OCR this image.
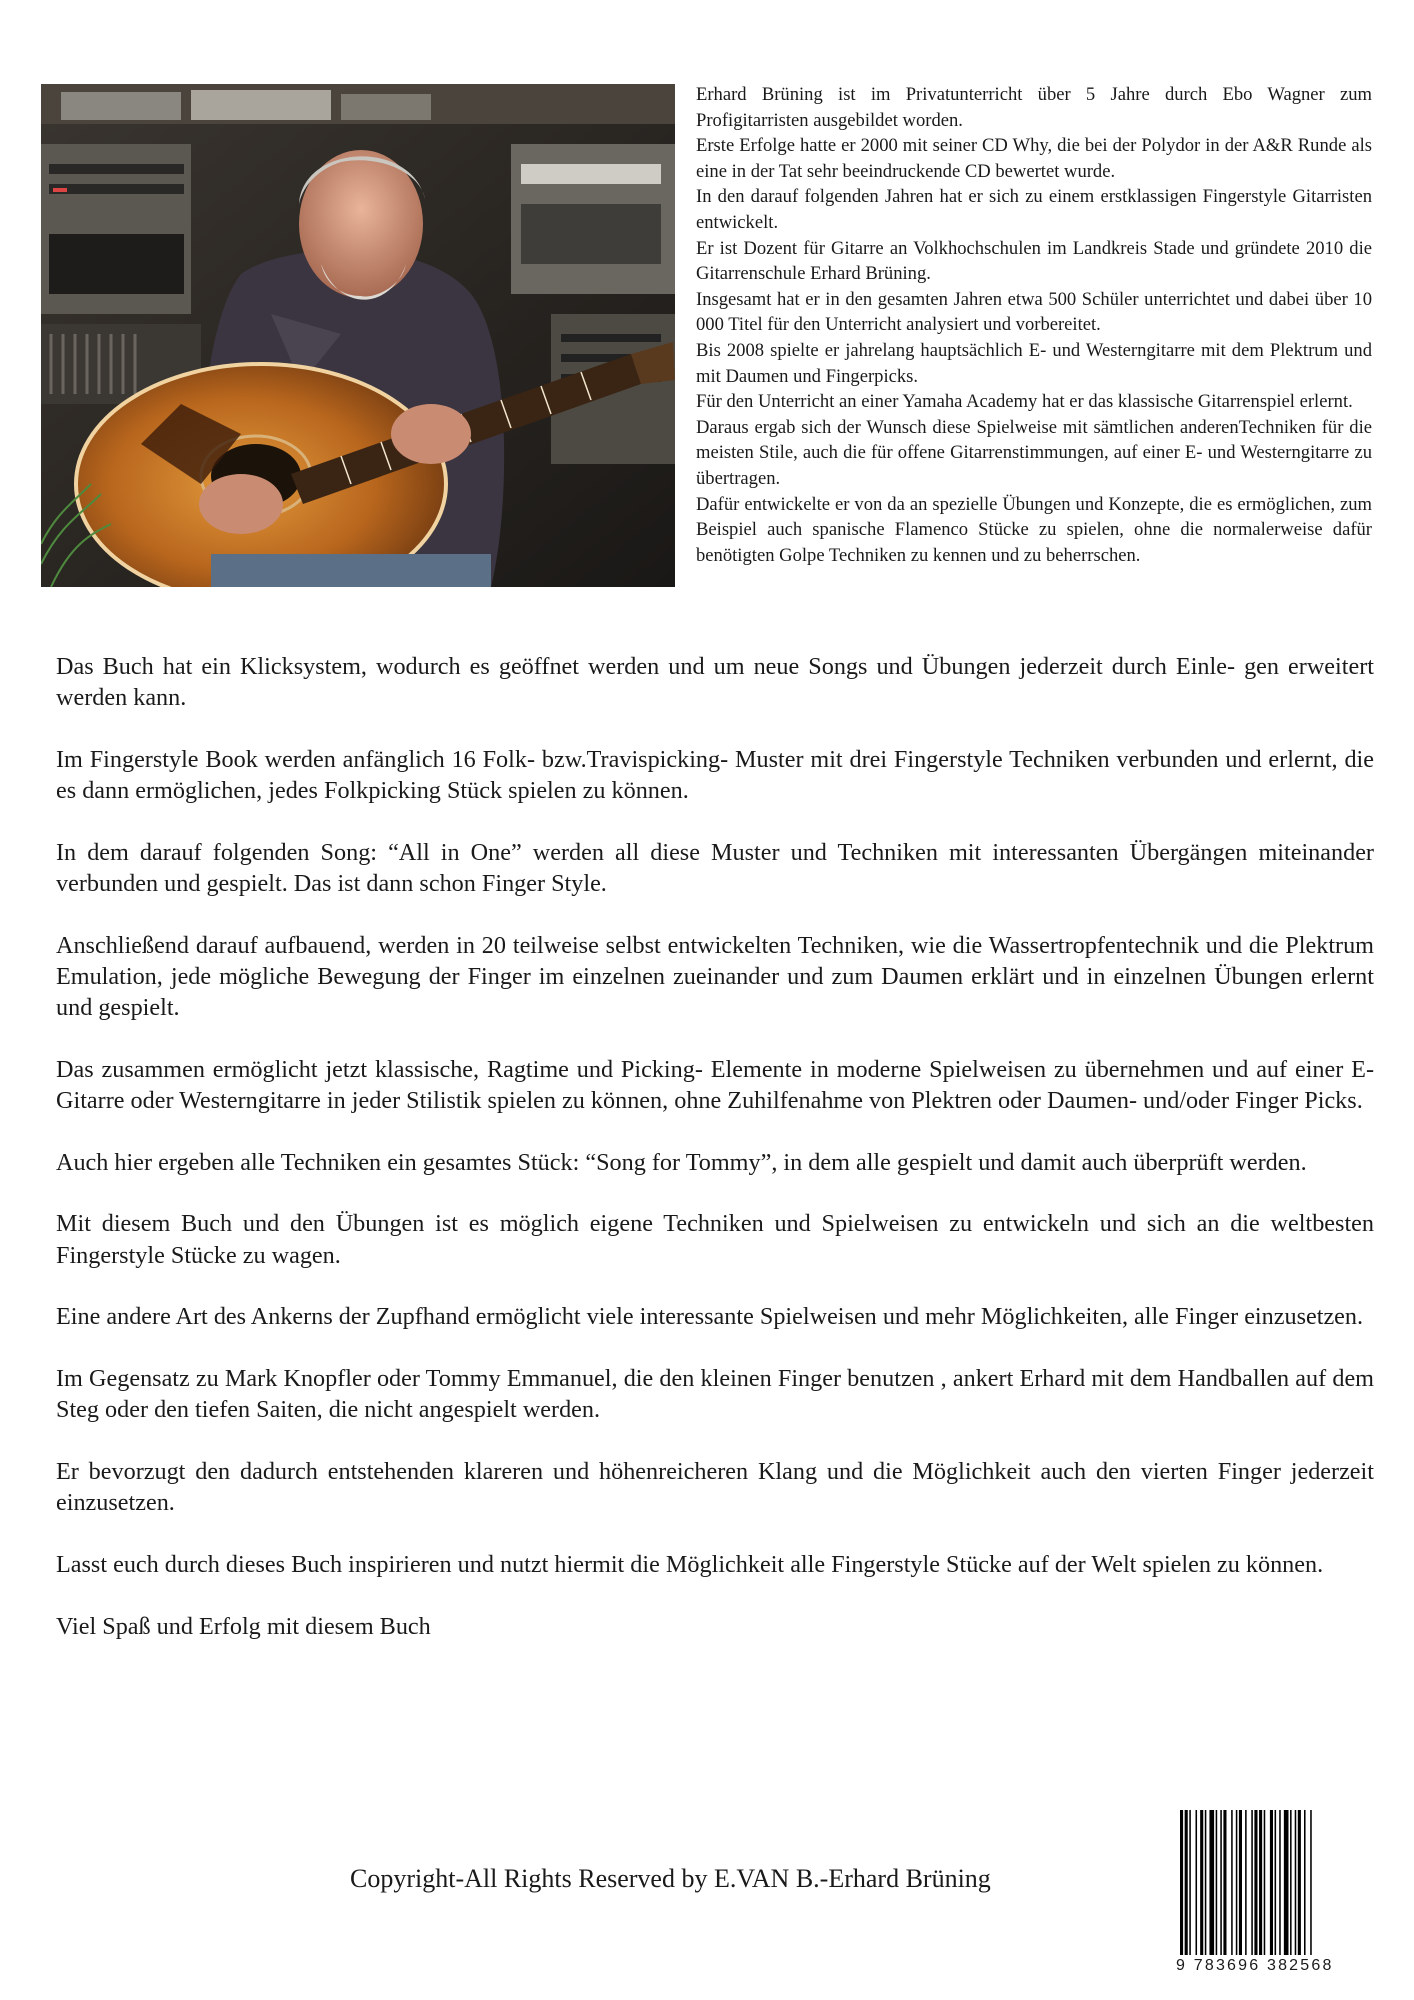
Erhard Brüning ist im Privatunterricht über 5 Jahre durch Ebo Wagner zum Profigitarristen ausgebildet worden.

Erste Erfolge hatte er 2000 mit seiner CD Why, die bei der Polydor in der A&R Runde als eine in der Tat sehr beeindruckende CD bewertet wurde.

In den darauf folgenden Jahren hat er sich zu einem erstklassigen Fingerstyle Gitarristen entwickelt.

Er ist Dozent für Gitarre an Volkhochschulen im Landkreis Stade und gründete 2010 die Gitarrenschule Erhard Brüning.

Insgesamt hat er in den gesamten Jahren etwa 500 Schüler unterrichtet und dabei über 10 000 Titel für den Unterricht analysiert und vorbereitet.

Bis 2008 spielte er jahrelang hauptsächlich E- und Westerngitarre mit dem Plektrum und mit Daumen und Fingerpicks.

Für den Unterricht an einer Yamaha Academy hat er das klassische Gitarrenspiel erlernt.

Daraus ergab sich der Wunsch diese Spielweise mit sämtlichen anderenTechniken für die meisten Stile, auch die für offene Gitarrenstimmungen, auf einer E- und Westerngitarre zu übertragen.

Dafür entwickelte er von da an spezielle Übungen und Konzepte, die es ermöglichen, zum Beispiel auch spanische Flamenco Stücke zu spielen, ohne die normalerweise dafür benötigten Golpe Techniken zu kennen und zu beherrschen.

Das Buch hat ein Klicksystem, wodurch es geöffnet werden und um neue Songs und Übungen jederzeit durch Einle- gen erweitert werden kann.

Im Fingerstyle Book werden anfänglich 16 Folk- bzw.Travispicking- Muster mit drei Fingerstyle Techniken verbunden und erlernt, die es dann ermöglichen, jedes Folkpicking Stück spielen zu können.

In dem darauf folgenden Song: “All in One” werden all diese Muster und Techniken mit interessanten Übergängen miteinander verbunden und gespielt. Das ist dann schon Finger Style.

Anschließend darauf aufbauend, werden in 20 teilweise selbst entwickelten Techniken, wie die Wassertropfentechnik und die Plektrum Emulation, jede mögliche Bewegung der Finger im einzelnen zueinander und zum Daumen erklärt und in einzelnen Übungen erlernt und gespielt.

Das zusammen ermöglicht jetzt klassische, Ragtime und Picking- Elemente in moderne Spielweisen zu übernehmen und auf einer E-Gitarre oder Westerngitarre in jeder Stilistik spielen zu können, ohne Zuhilfenahme von Plektren oder Daumen- und/oder Finger Picks.

Auch hier ergeben alle Techniken ein gesamtes Stück: “Song for Tommy”, in dem alle gespielt und damit auch überprüft werden.

Mit diesem Buch und den Übungen ist es möglich eigene Techniken und Spielweisen zu entwickeln und sich an die weltbesten Fingerstyle Stücke zu wagen.

Eine andere Art des Ankerns der Zupfhand ermöglicht viele interessante Spielweisen und mehr Möglichkeiten, alle Finger einzusetzen.

Im Gegensatz zu Mark Knopfler oder Tommy Emmanuel, die den kleinen Finger benutzen , ankert Erhard mit dem Handballen auf dem Steg oder den tiefen Saiten, die nicht angespielt werden.

Er bevorzugt den dadurch entstehenden klareren und höhenreicheren Klang und die Möglichkeit auch den vierten Finger jederzeit einzusetzen.

Lasst euch durch dieses Buch inspirieren und nutzt hiermit die Möglichkeit alle Fingerstyle Stücke auf der Welt spielen zu können.

Viel Spaß und Erfolg mit diesem Buch

Copyright-All Rights Reserved by E.VAN B.-Erhard Brüning
9 783696 382568
